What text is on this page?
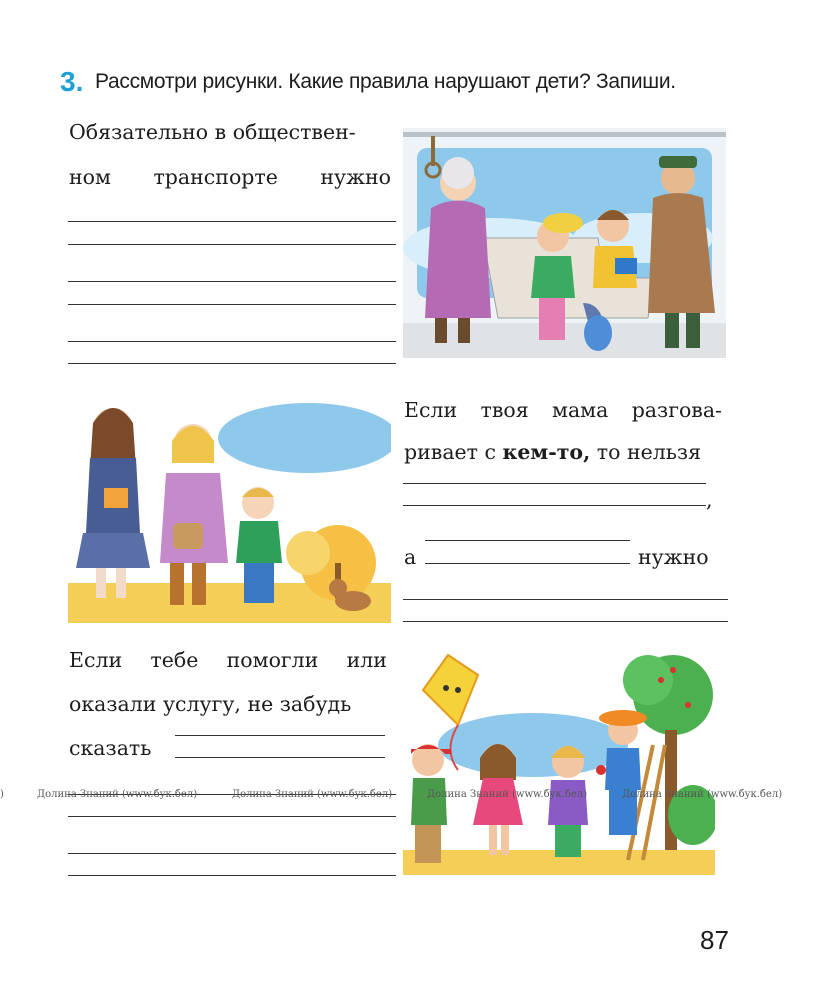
3. Рассмотри рисунки. Какие правила нарушают дети? Запиши.
Обязательно в обществен-
ном транспорте нужно
Если твоя мама разгова-
ривает с кем-то, то нельзя
,
а	нужно
Если тебе помогли или
оказали услугу, не забудь
сказать
)	Долина Знаний (www.бук.бел)	Долина Знаний (www.бук.бел)	Долина Знаний (www.бук.бел)	Долина Знаний (www.бук.бел)
87
